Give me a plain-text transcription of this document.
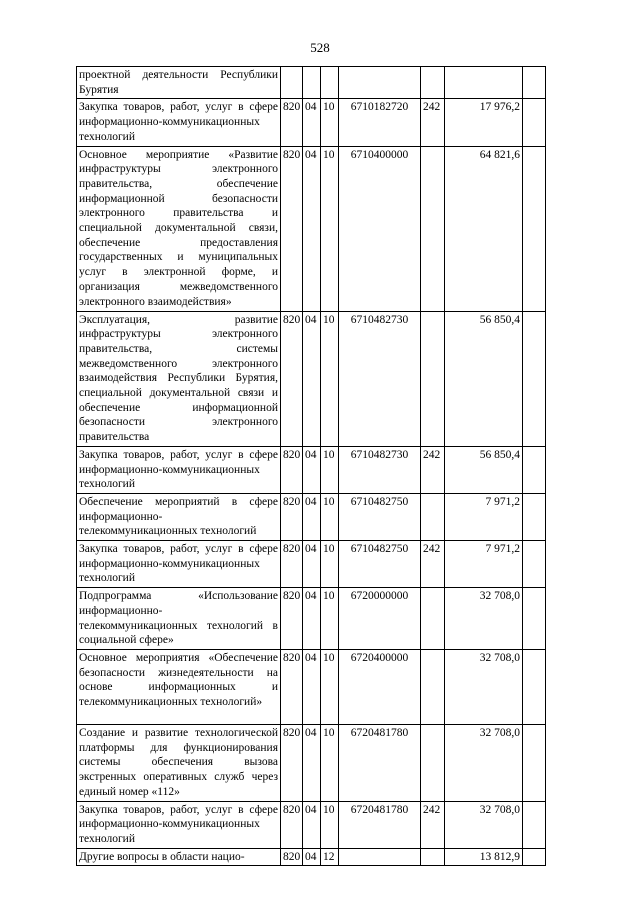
528
проектной деятельности Республики Бурятия							
Закупка товаров, работ, услуг в сфере информационно-коммуникационных технологий	820	04	10	6710182720	242	17 976,2	
Основное мероприятие «Развитие инфраструктуры электронного правительства, обеспечение информационной безопасности электронного правительства и специальной документальной связи, обеспечение предоставления государственных и муниципальных услуг в электронной форме, и организация межведомственного электронного взаимодействия»	820	04	10	6710400000		64 821,6	
Эксплуатация, развитие инфраструктуры электронного правительства, системы межведомственного электронного взаимодействия Республики Бурятия, специальной документальной связи и обеспечение информационной безопасности электронного правительства	820	04	10	6710482730		56 850,4	
Закупка товаров, работ, услуг в сфере информационно-коммуникационных технологий	820	04	10	6710482730	242	56 850,4	
Обеспечение мероприятий в сфере информационно-телекоммуникационных технологий	820	04	10	6710482750		7 971,2	
Закупка товаров, работ, услуг в сфере информационно-коммуникационных технологий	820	04	10	6710482750	242	7 971,2	
Подпрограмма «Использование информационно-телекоммуникационных технологий в социальной сфере»	820	04	10	6720000000		32 708,0	
Основное мероприятия «Обеспечение безопасности жизнедеятельности на основе информационных и телекоммуникационных технологий»	820	04	10	6720400000		32 708,0	
Создание и развитие технологической платформы для функционирования системы обеспечения вызова экстренных оперативных служб через единый номер «112»	820	04	10	6720481780		32 708,0	
Закупка товаров, работ, услуг в сфере информационно-коммуникационных технологий	820	04	10	6720481780	242	32 708,0	
Другие вопросы в области нацио-	820	04	12			13 812,9	
